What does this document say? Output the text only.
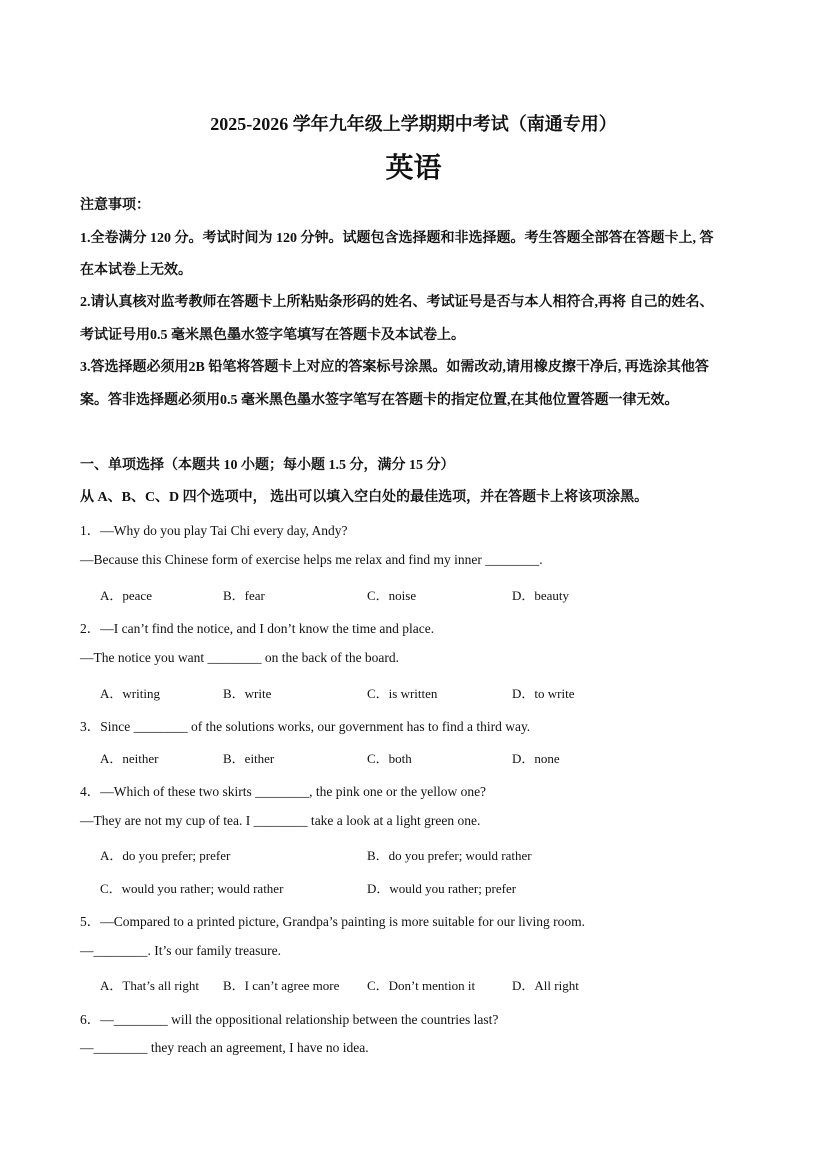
2025-2026 学年九年级上学期期中考试（南通专用）
英语
注意事项：
1.全卷满分 120 分。考试时间为 120 分钟。试题包含选择题和非选择题。考生答题全部答在答题卡上, 答
在本试卷上无效。
2.请认真核对监考教师在答题卡上所粘贴条形码的姓名、考试证号是否与本人相符合,再将 自己的姓名、
考试证号用0.5 毫米黑色墨水签字笔填写在答题卡及本试卷上。
3.答选择题必须用2B 铅笔将答题卡上对应的答案标号涂黑。如需改动,请用橡皮擦干净后, 再选涂其他答
案。答非选择题必须用0.5 毫米黑色墨水签字笔写在答题卡的指定位置,在其他位置答题一律无效。
一、单项选择（本题共 10 小题；每小题 1.5 分，满分 15 分）
从 A、B、C、D 四个选项中， 选出可以填入空白处的最佳选项，并在答题卡上将该项涂黑。
1．—Why do you play Tai Chi every day, Andy?
—Because this Chinese form of exercise helps me relax and find my inner ________.
A．peace	B．fear	C．noise	D．beauty
2．—I can’t find the notice, and I don’t know the time and place.
—The notice you want ________ on the back of the board.
A．writing	B．write	C．is written	D．to write
3．Since ________ of the solutions works, our government has to find a third way.
A．neither	B．either	C．both	D．none
4．—Which of these two skirts ________, the pink one or the yellow one?
—They are not my cup of tea. I ________ take a look at a light green one.
A．do you prefer; prefer	B．do you prefer; would rather
C．would you rather; would rather	D．would you rather; prefer
5．—Compared to a printed picture, Grandpa’s painting is more suitable for our living room.
—________. It’s our family treasure.
A．That’s all right B．I can’t agree more C．Don’t mention it	D．All right
6．—________ will the oppositional relationship between the countries last?
—________ they reach an agreement, I have no idea.
